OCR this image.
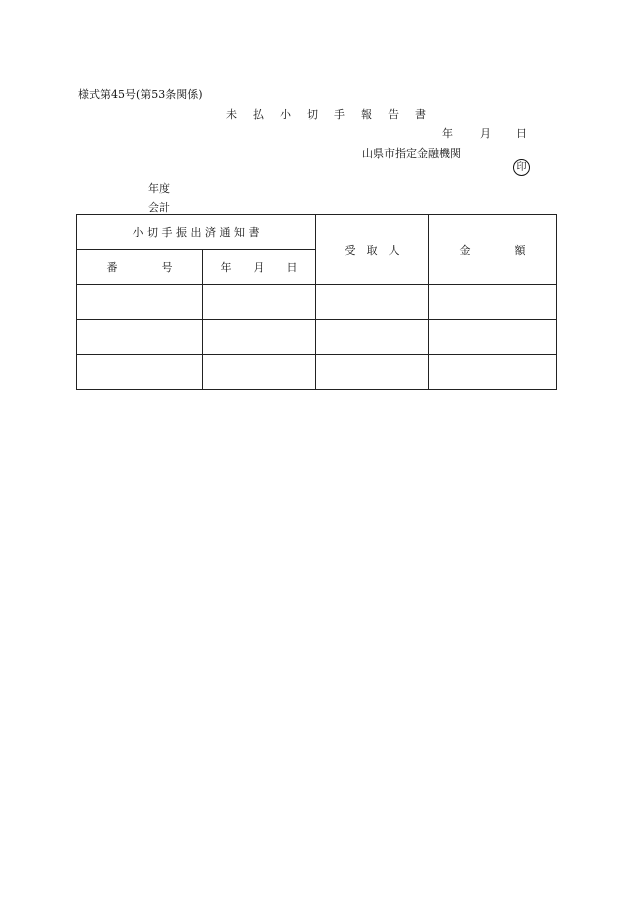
様式第45号(第53条関係)
未 払 小 切 手 報 告 書
年 月 日
山県市指定金融機関
印
年度
会計
小 切 手 振 出 済 通 知 書		受　取　人	金　　　　額
番　　　　号	年　　月　　日		
